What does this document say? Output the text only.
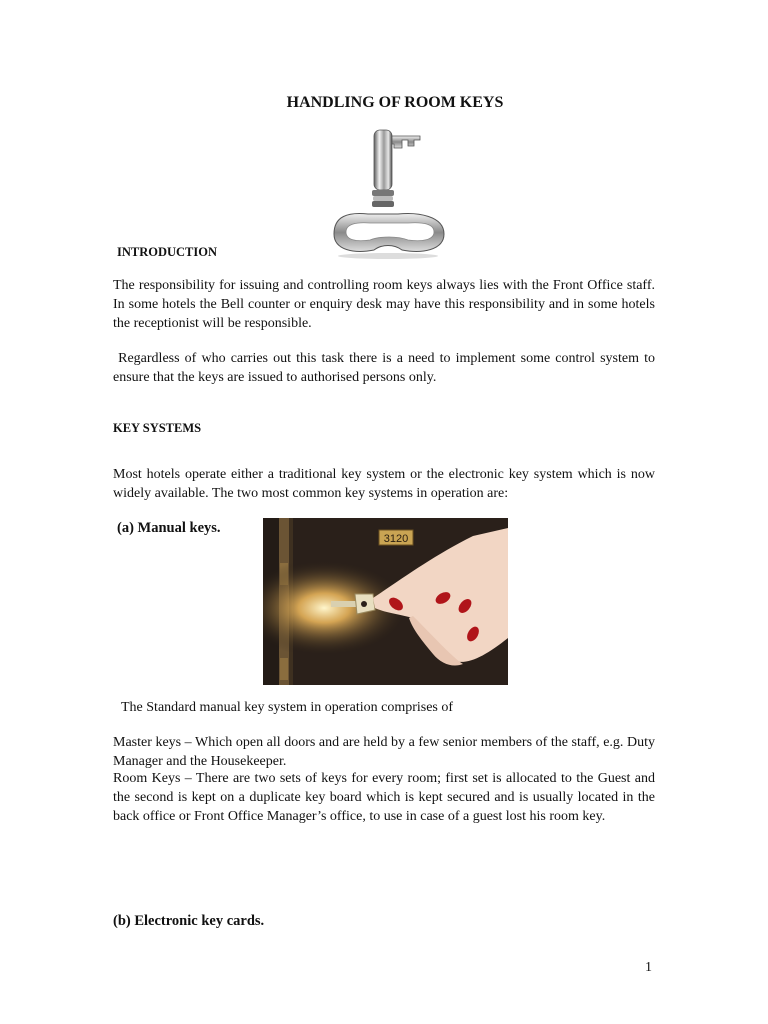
HANDLING OF ROOM KEYS
INTRODUCTION

The responsibility for issuing and controlling room keys always lies with the Front Office staff. In some hotels the Bell counter or enquiry desk may have this responsibility and in some hotels the receptionist will be responsible.

Regardless of who carries out this task there is a need to implement some control system to ensure that the keys are issued to authorised persons only.

KEY SYSTEMS

Most hotels operate either a traditional key system or the electronic key system which is now widely available. The two most common key systems in operation are:

(a) Manual keys.
3120
The Standard manual key system in operation comprises of

Master keys – Which open all doors and are held by a few senior members of the staff, e.g. Duty Manager and the Housekeeper.

Room Keys – There are two sets of keys for every room; first set is allocated to the Guest and the second is kept on a duplicate key board which is kept secured and is usually located in the back office or Front Office Manager’s office, to use in case of a guest lost his room key.

(b) Electronic key cards.
1
